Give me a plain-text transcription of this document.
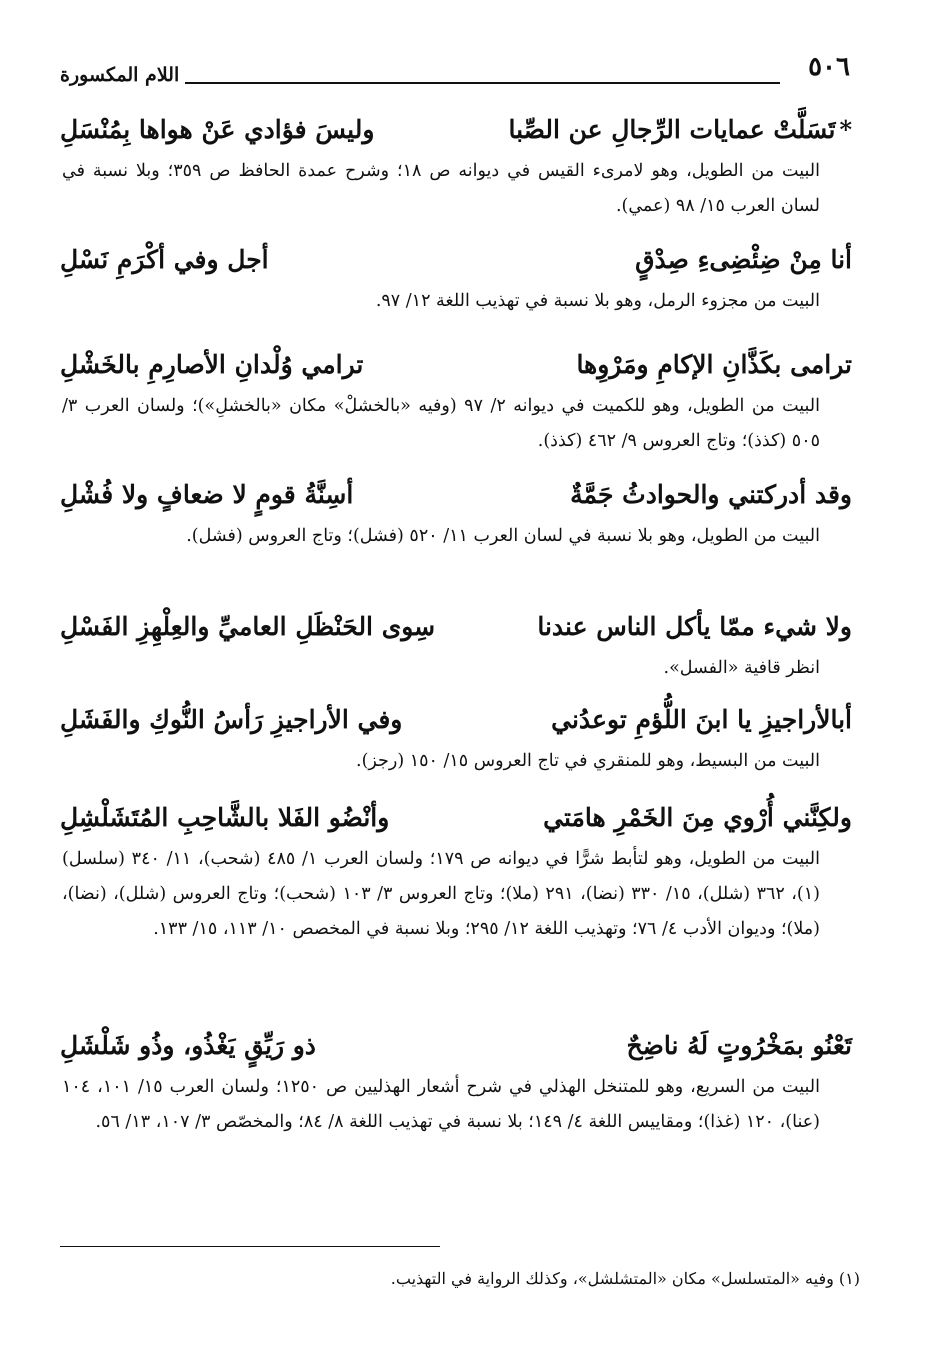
٥٠٦
اللام المكسورة
*تَسَلَّتْ عمايات الرِّجالِ عن الصِّبا
وليسَ فؤادي عَنْ هواها بِمُنْسَلِ
البيت من الطويل، وهو لامرىء القيس في ديوانه ص ١٨؛ وشرح عمدة الحافظ ص ٣٥٩؛ وبلا نسبة في لسان العرب ١٥/ ٩٨ (عمي).
أنا مِنْ ضِئْضِىءِ صِدْقٍ
أجل وفي أكْرَمِ نَسْلِ
البيت من مجزوء الرمل، وهو بلا نسبة في تهذيب اللغة ١٢/ ٩٧.
ترامى بكَذَّانِ الإكامِ ومَرْوِها
ترامي وُلْدانِ الأصارِمِ بالخَشْلِ
البيت من الطويل، وهو للكميت في ديوانه ٢/ ٩٧ (وفيه «بالخشلْ» مكان «بالخشلِ»)؛ ولسان العرب ٣/ ٥٠٥ (كذذ)؛ وتاج العروس ٩/ ٤٦٢ (كذذ).
وقد أدركتني والحوادثُ جَمَّةٌ
أسِنَّةُ قومٍ لا ضعافٍ ولا فُشْلِ
البيت من الطويل، وهو بلا نسبة في لسان العرب ١١/ ٥٢٠ (فشل)؛ وتاج العروس (فشل).
ولا شيء ممّا يأكل الناس عندنا
سِوى الحَنْظَلِ العاميِّ والعِلْهِزِ الفَسْلِ
انظر قافية «الفسل».
أبالأراجيزِ يا ابنَ اللُّؤمِ توعدُني
وفي الأراجيزِ رَأسُ النُّوكِ والفَشَلِ
البيت من البسيط، وهو للمنقري في تاج العروس ١٥/ ١٥٠ (رجز).
ولكِنَّني أُرْوي مِنَ الخَمْرِ هامَتي
وأنْضُو الفَلا بالشَّاحِبِ المُتَشَلْشِلِ
البيت من الطويل، وهو لتأبط شرًّا في ديوانه ص ١٧٩؛ ولسان العرب ١/ ٤٨٥ (شحب)، ١١/ ٣٤٠ (سلسل)(١)، ٣٦٢ (شلل)، ١٥/ ٣٣٠ (نضا)، ٢٩١ (ملا)؛ وتاج العروس ٣/ ١٠٣ (شحب)؛ وتاج العروس (شلل)، (نضا)، (ملا)؛ وديوان الأدب ٤/ ٧٦؛ وتهذيب اللغة ١٢/ ٢٩٥؛ وبلا نسبة في المخصص ١٠/ ١١٣، ١٥/ ١٣٣.
تَعْنُو بمَخْرُوتٍ لَهُ ناضِحٌ
ذو رَيِّقٍ يَغْذُو، وذُو شَلْشَلِ
البيت من السريع، وهو للمتنخل الهذلي في شرح أشعار الهذليين ص ١٢٥٠؛ ولسان العرب ١٥/ ١٠١، ١٠٤ (عنا)، ١٢٠ (غذا)؛ ومقاييس اللغة ٤/ ١٤٩؛ بلا نسبة في تهذيب اللغة ٨/ ٨٤؛ والمخصّص ٣/ ١٠٧، ١٣/ ٥٦.
(١) وفيه «المتسلسل» مكان «المتشلشل»، وكذلك الرواية في التهذيب.
